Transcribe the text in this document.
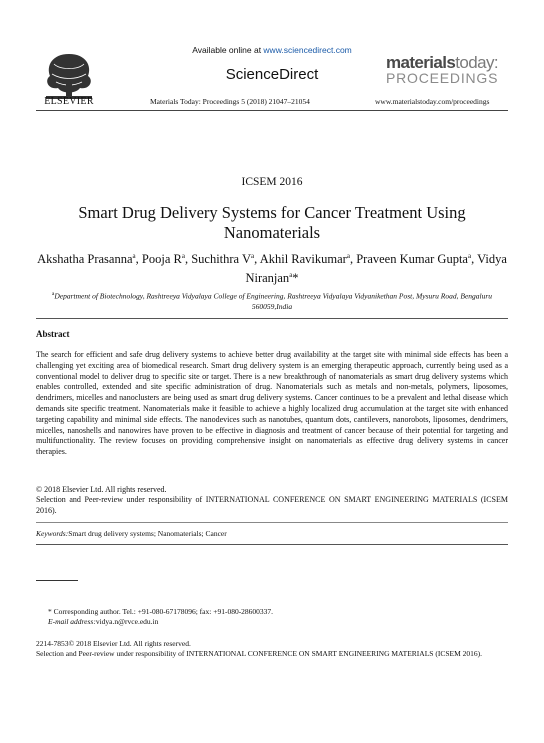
Available online at www.sciencedirect.com
ScienceDirect
ELSEVIER
materialstoday:
PROCEEDINGS
Materials Today: Proceedings 5 (2018) 21047–21054	www.materialstoday.com/proceedings
ICSEM 2016
Smart Drug Delivery Systems for Cancer Treatment Using Nanomaterials
Akshatha Prasanna$^a$, Pooja $R^a$, Suchithra $V^a$, Akhil Ravikumar$^a$, Praveen Kumar Gupta$^a$, Vidya Niranjan$^a$*
$^a$Department of Biotechnology, Rashtreeya Vidyalaya College of Engineering, Rashtreeya Vidyalaya Vidyanikethan Post, Mysuru Road, Bengaluru 560059,India
Abstract

The search for efficient and safe drug delivery systems to achieve better drug availability at the target site with minimal side effects has been a challenging yet exciting area of biomedical research. Smart drug delivery system is an emerging therapeutic approach, currently being used as a conventional model to deliver drug to specific site or target. There is a new breakthrough of nanomaterials as smart drug delivery systems which enables controlled, extended and site specific administration of drug. Nanomaterials such as metals and non-metals, polymers, liposomes, dendrimers, micelles and nanoclusters are being used as smart drug delivery systems. Cancer continues to be a prevalent and lethal disease which demands site specific treatment. Nanomaterials make it feasible to achieve a highly localized drug accumulation at the target site with enhanced targeting capability and minimal side effects. The nanodevices such as nanotubes, quantum dots, cantilevers, nanorobots, liposomes, dendrimers, micelles, nanoshells and nanowires have proven to be effective in diagnosis and treatment of cancer because of their potential for targeting and multifunctionality. The review focuses on providing comprehensive insight on nanomaterials as effective drug delivery systems in cancer therapies.

© 2018 Elsevier Ltd. All rights reserved.

Selection and Peer-review under responsibility of INTERNATIONAL CONFERENCE ON SMART ENGINEERING MATERIALS (ICSEM 2016).

Keywords:Smart drug delivery systems; Nanomaterials; Cancer
* Corresponding author. Tel.: +91-080-67178096; fax: +91-080-28600337.
E-mail address:vidya.n@rvce.edu.in
2214-7853© 2018 Elsevier Ltd. All rights reserved.

Selection and Peer-review under responsibility of INTERNATIONAL CONFERENCE ON SMART ENGINEERING MATERIALS (ICSEM 2016).
